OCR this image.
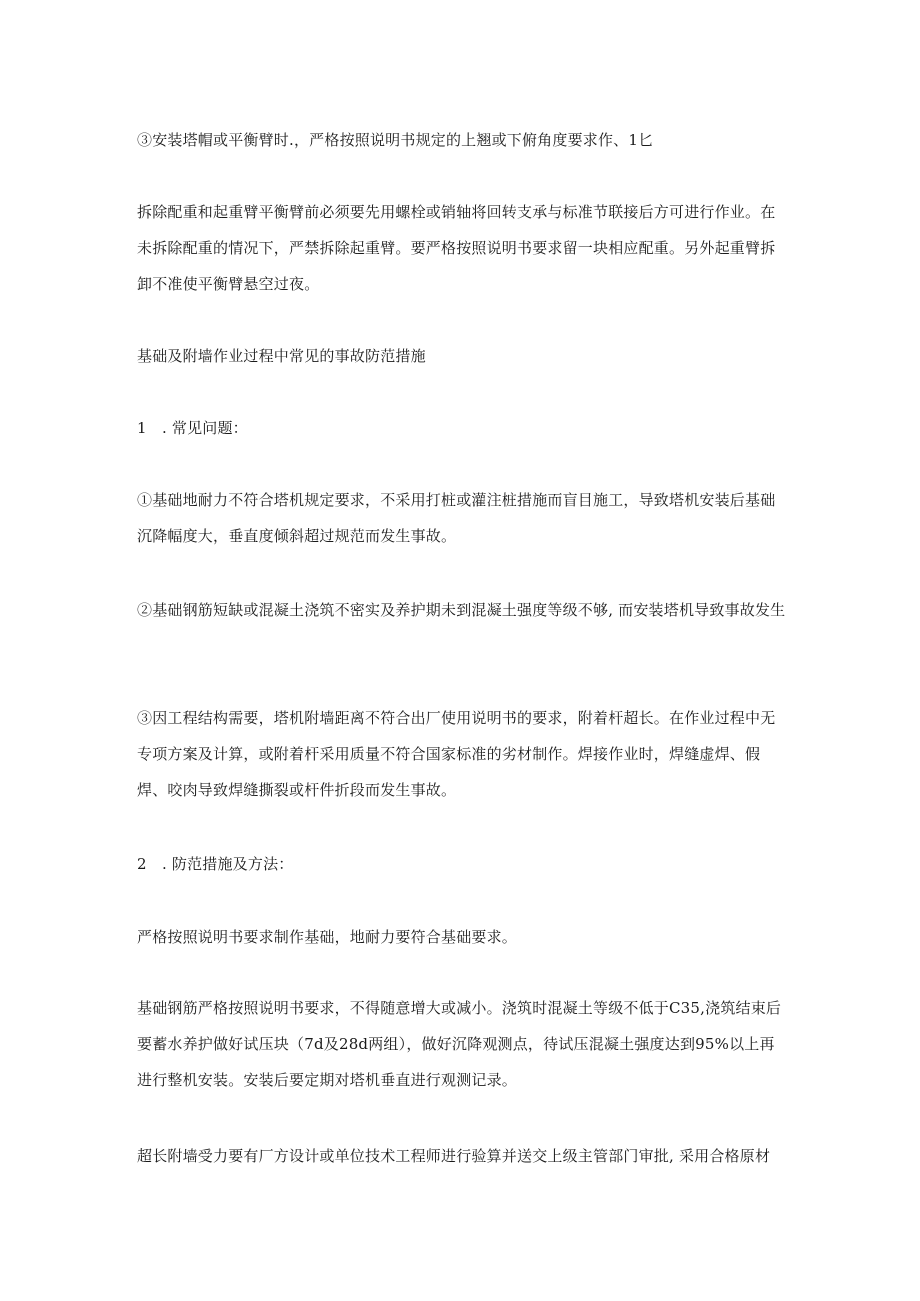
③安装塔帽或平衡臂时.，严格按照说明书规定的上翘或下俯角度要求作、1匕

拆除配重和起重臂平衡臂前必须要先用螺栓或销轴将回转支承与标准节联接后方可进行作业。在未拆除配重的情况下，严禁拆除起重臂。要严格按照说明书要求留一块相应配重。另外起重臂拆卸不准使平衡臂悬空过夜。

基础及附墙作业过程中常见的事故防范措施

1　. 常见问题：

①基础地耐力不符合塔机规定要求，不采用打桩或灌注桩措施而盲目施工，导致塔机安装后基础沉降幅度大，垂直度倾斜超过规范而发生事故。

②基础钢筋短缺或混凝土浇筑不密实及养护期未到混凝土强度等级不够, 而安装塔机导致事故发生

③因工程结构需要，塔机附墙距离不符合出厂使用说明书的要求，附着杆超长。在作业过程中无专项方案及计算，或附着杆采用质量不符合国家标准的劣材制作。焊接作业时，焊缝虚焊、假焊、咬肉导致焊缝撕裂或杆件折段而发生事故。

2　. 防范措施及方法：

严格按照说明书要求制作基础，地耐力要符合基础要求。

基础钢筋严格按照说明书要求，不得随意增大或减小。浇筑时混凝土等级不低于C35,浇筑结束后要蓄水养护做好试压块（7d及28d两组），做好沉降观测点，待试压混凝土强度达到95%以上再进行整机安装。安装后要定期对塔机垂直进行观测记录。

超长附墙受力要有厂方设计或单位技术工程师进行验算并送交上级主管部门审批, 采用合格原材
